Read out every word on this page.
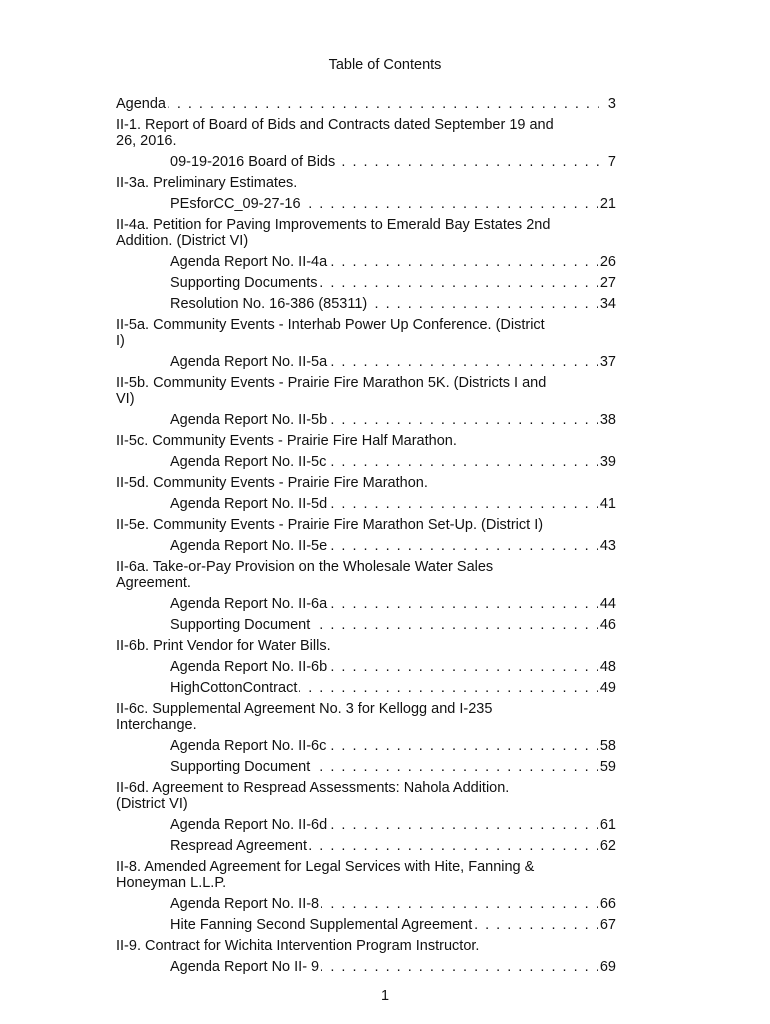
Table of Contents
. . .
Agenda	3
II-1. Report of Board of Bids and Contracts dated September 19 and 26, 2016.
. . .
09-19-2016 Board of Bids	7
II-3a. Preliminary Estimates.
. . .
PEsforCC_09-27-16	21
II-4a. Petition for Paving Improvements to Emerald Bay Estates 2nd Addition. (District VI)
. . .
Agenda Report No. II-4a	26
. . .
Supporting Documents	27
. . .
Resolution No. 16-386 (85311)	34
II-5a. Community Events - Interhab Power Up Conference. (District I)
. . .
Agenda Report No. II-5a	37
II-5b. Community Events - Prairie Fire Marathon 5K. (Districts I and VI)
. . .
Agenda Report No. II-5b	38
II-5c. Community Events - Prairie Fire Half Marathon.
. . .
Agenda Report No. II-5c	39
II-5d. Community Events - Prairie Fire Marathon.
. . .
Agenda Report No. II-5d	41
II-5e. Community Events - Prairie Fire Marathon Set-Up. (District I)
. . .
Agenda Report No. II-5e	43
II-6a. Take-or-Pay Provision on the Wholesale Water Sales Agreement.
. . .
Agenda Report No. II-6a	44
. . .
Supporting Document	46
II-6b. Print Vendor for Water Bills.
. . .
Agenda Report No. II-6b	48
. . .
HighCottonContract	49
II-6c. Supplemental Agreement No. 3 for Kellogg and I-235 Interchange.
. . .
Agenda Report No. II-6c	58
. . .
Supporting Document	59
II-6d. Agreement to Respread Assessments: Nahola Addition. (District VI)
. . .
Agenda Report No. II-6d	61
. . .
Respread Agreement	62
II-8. Amended Agreement for Legal Services with Hite, Fanning & Honeyman L.L.P.
. . .
Agenda Report No. II-8	66
. . .
Hite Fanning Second Supplemental Agreement	67
II-9. Contract for Wichita Intervention Program Instructor.
. . .
Agenda Report No II- 9	69
1
